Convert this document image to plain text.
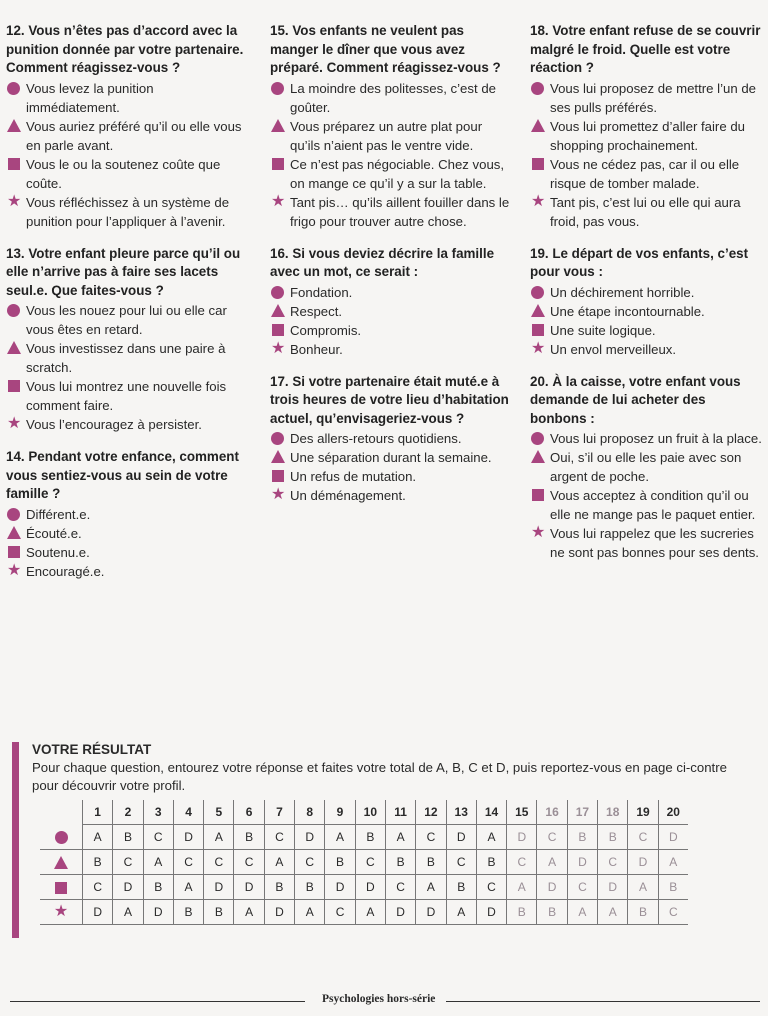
12. Vous n’êtes pas d’accord avec la punition donnée par votre partenaire. Comment réagissez-vous ?
Vous levez la punition immédiatement.
Vous auriez préféré qu’il ou elle vous en parle avant.
Vous le ou la soutenez coûte que coûte.
★ Vous réfléchissez à un système de punition pour l’appliquer à l’avenir.
13. Votre enfant pleure parce qu’il ou elle n’arrive pas à faire ses lacets seul.e. Que faites-vous ?
Vous les nouez pour lui ou elle car vous êtes en retard.
Vous investissez dans une paire à scratch.
Vous lui montrez une nouvelle fois comment faire.
★ Vous l’encouragez à persister.
14. Pendant votre enfance, comment vous sentiez-vous au sein de votre famille ?
Différent.e.
Écouté.e.
Soutenu.e.
★ Encouragé.e.
15. Vos enfants ne veulent pas manger le dîner que vous avez préparé. Comment réagissez-vous ?
La moindre des politesses, c’est de goûter.
Vous préparez un autre plat pour qu’ils n’aient pas le ventre vide.
Ce n’est pas négociable. Chez vous, on mange ce qu’il y a sur la table.
★ Tant pis… qu’ils aillent fouiller dans le frigo pour trouver autre chose.
16. Si vous deviez décrire la famille avec un mot, ce serait :
Fondation.
Respect.
Compromis.
★ Bonheur.
17. Si votre partenaire était muté.e à trois heures de votre lieu d’habitation actuel, qu’envisageriez-vous ?
Des allers-retours quotidiens.
Une séparation durant la semaine.
Un refus de mutation.
★ Un déménagement.
18. Votre enfant refuse de se couvrir malgré le froid. Quelle est votre réaction ?
Vous lui proposez de mettre l’un de ses pulls préférés.
Vous lui promettez d’aller faire du shopping prochainement.
Vous ne cédez pas, car il ou elle risque de tomber malade.
★ Tant pis, c’est lui ou elle qui aura froid, pas vous.
19. Le départ de vos enfants, c’est pour vous :
Un déchirement horrible.
Une étape incontournable.
Une suite logique.
★ Un envol merveilleux.
20. À la caisse, votre enfant vous demande de lui acheter des bonbons :
Vous lui proposez un fruit à la place.
Oui, s’il ou elle les paie avec son argent de poche.
Vous acceptez à condition qu’il ou elle ne mange pas le paquet entier.
★ Vous lui rappelez que les sucreries ne sont pas bonnes pour ses dents.
VOTRE RÉSULTAT
Pour chaque question, entourez votre réponse et faites votre total de A, B, C et D, puis reportez-vous en page ci-contre pour découvrir votre profil.
	1	2	3	4	5	6	7	8	9	10	11	12	13	14	15	16	17	18	19	20
	A	B	C	D	A	B	C	D	A	B	A	C	D	A	D	C	B	B	C	D
	B	C	A	C	C	C	A	C	B	C	B	B	C	B	C	A	D	C	D	A
	C	D	B	A	D	D	B	B	D	D	C	A	B	C	A	D	C	D	A	B
★	D	A	D	B	B	A	D	A	C	A	D	D	A	D	B	B	A	A	B	C
Psychologies hors-série
